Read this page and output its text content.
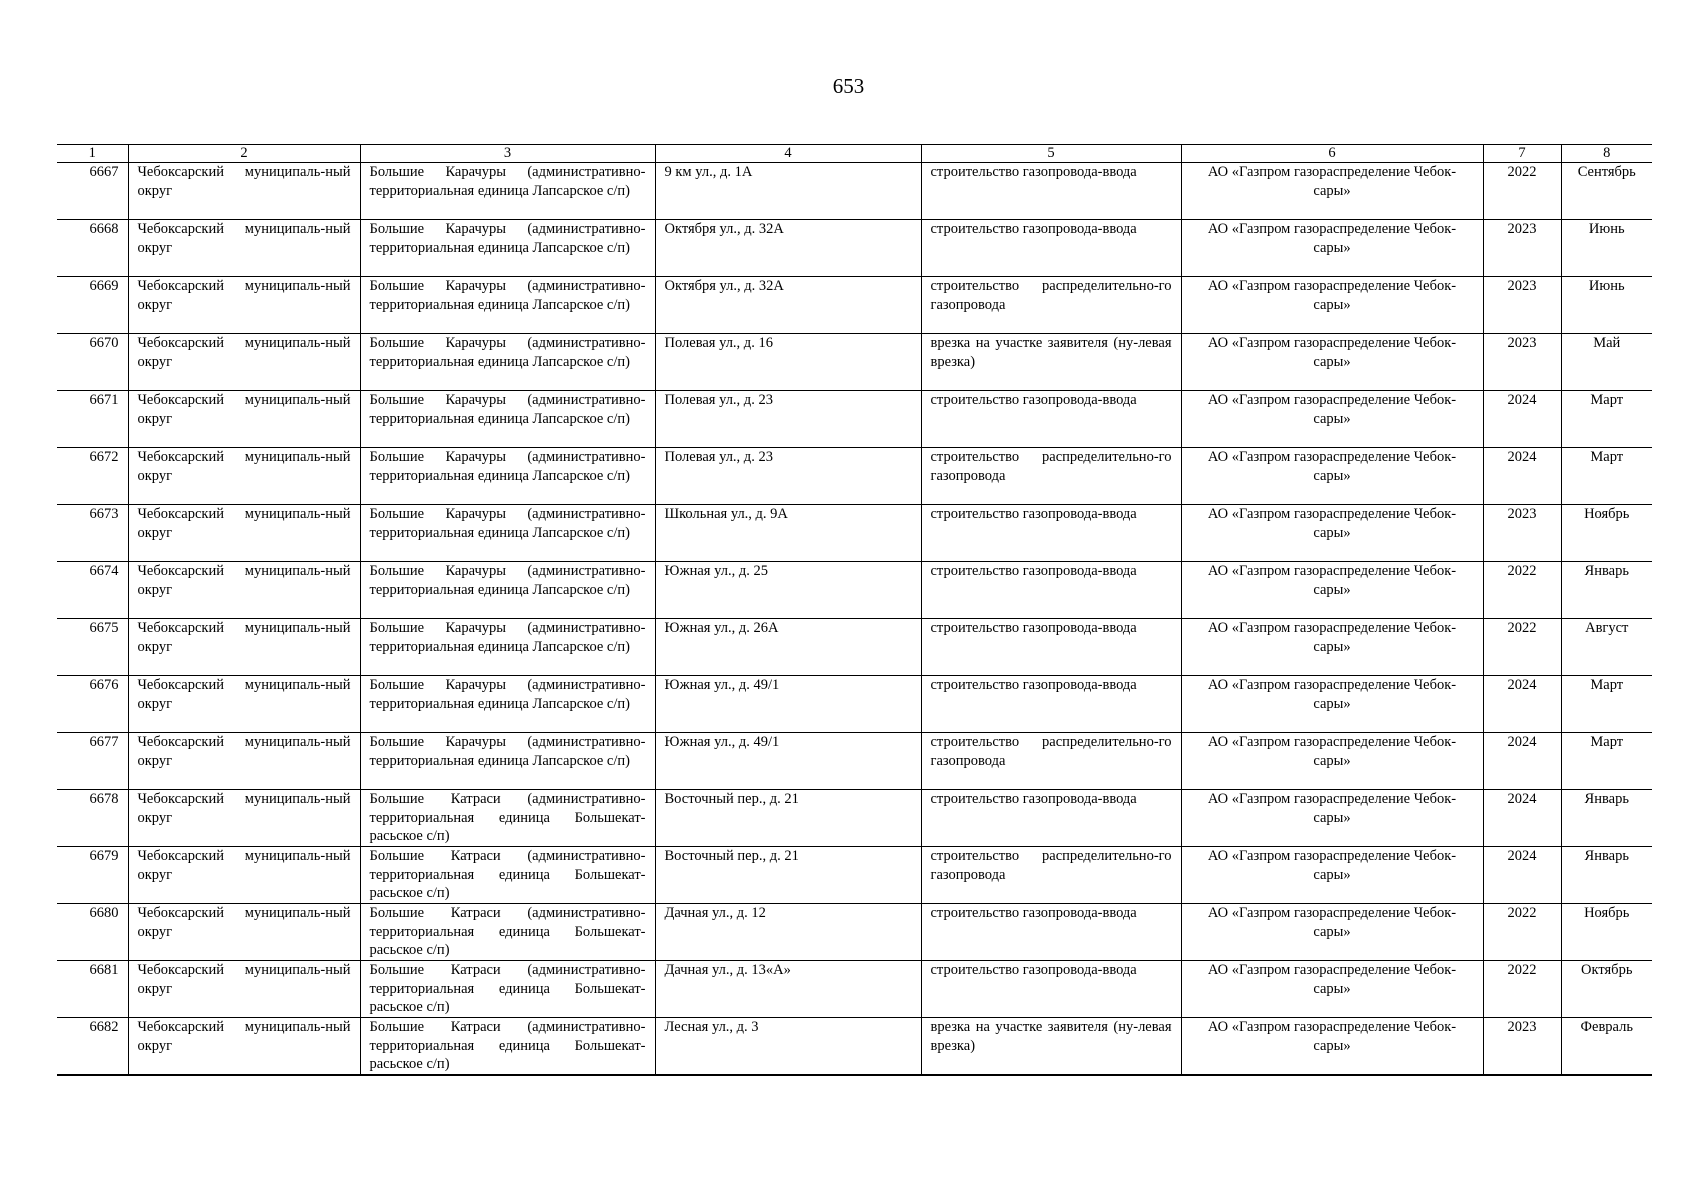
653
1	2	3	4	5	6	7	8
6667	Чебоксарский муниципаль-ный округ	Большие Карачуры (административно-территориальная единица Лапсарское с/п)	9 км ул., д. 1А	строительство газопровода-ввода	АО «Газпром газораспределение Чебок-сары»	2022	Сентябрь
6668	Чебоксарский муниципаль-ный округ	Большие Карачуры (административно-территориальная единица Лапсарское с/п)	Октября ул., д. 32А	строительство газопровода-ввода	АО «Газпром газораспределение Чебок-сары»	2023	Июнь
6669	Чебоксарский муниципаль-ный округ	Большие Карачуры (административно-территориальная единица Лапсарское с/п)	Октября ул., д. 32А	строительство распределительно-го газопровода	АО «Газпром газораспределение Чебок-сары»	2023	Июнь
6670	Чебоксарский муниципаль-ный округ	Большие Карачуры (административно-территориальная единица Лапсарское с/п)	Полевая ул., д. 16	врезка на участке заявителя (ну-левая врезка)	АО «Газпром газораспределение Чебок-сары»	2023	Май
6671	Чебоксарский муниципаль-ный округ	Большие Карачуры (административно-территориальная единица Лапсарское с/п)	Полевая ул., д. 23	строительство газопровода-ввода	АО «Газпром газораспределение Чебок-сары»	2024	Март
6672	Чебоксарский муниципаль-ный округ	Большие Карачуры (административно-территориальная единица Лапсарское с/п)	Полевая ул., д. 23	строительство распределительно-го газопровода	АО «Газпром газораспределение Чебок-сары»	2024	Март
6673	Чебоксарский муниципаль-ный округ	Большие Карачуры (административно-территориальная единица Лапсарское с/п)	Школьная ул., д. 9А	строительство газопровода-ввода	АО «Газпром газораспределение Чебок-сары»	2023	Ноябрь
6674	Чебоксарский муниципаль-ный округ	Большие Карачуры (административно-территориальная единица Лапсарское с/п)	Южная ул., д. 25	строительство газопровода-ввода	АО «Газпром газораспределение Чебок-сары»	2022	Январь
6675	Чебоксарский муниципаль-ный округ	Большие Карачуры (административно-территориальная единица Лапсарское с/п)	Южная ул., д. 26А	строительство газопровода-ввода	АО «Газпром газораспределение Чебок-сары»	2022	Август
6676	Чебоксарский муниципаль-ный округ	Большие Карачуры (административно-территориальная единица Лапсарское с/п)	Южная ул., д. 49/1	строительство газопровода-ввода	АО «Газпром газораспределение Чебок-сары»	2024	Март
6677	Чебоксарский муниципаль-ный округ	Большие Карачуры (административно-территориальная единица Лапсарское с/п)	Южная ул., д. 49/1	строительство распределительно-го газопровода	АО «Газпром газораспределение Чебок-сары»	2024	Март
6678	Чебоксарский муниципаль-ный округ	Большие Катраси (административно-территориальная единица Большекат-расьское с/п)	Восточный пер., д. 21	строительство газопровода-ввода	АО «Газпром газораспределение Чебок-сары»	2024	Январь
6679	Чебоксарский муниципаль-ный округ	Большие Катраси (административно-территориальная единица Большекат-расьское с/п)	Восточный пер., д. 21	строительство распределительно-го газопровода	АО «Газпром газораспределение Чебок-сары»	2024	Январь
6680	Чебоксарский муниципаль-ный округ	Большие Катраси (административно-территориальная единица Большекат-расьское с/п)	Дачная ул., д. 12	строительство газопровода-ввода	АО «Газпром газораспределение Чебок-сары»	2022	Ноябрь
6681	Чебоксарский муниципаль-ный округ	Большие Катраси (административно-территориальная единица Большекат-расьское с/п)	Дачная ул., д. 13«А»	строительство газопровода-ввода	АО «Газпром газораспределение Чебок-сары»	2022	Октябрь
6682	Чебоксарский муниципаль-ный округ	Большие Катраси (административно-территориальная единица Большекат-расьское с/п)	Лесная ул., д. 3	врезка на участке заявителя (ну-левая врезка)	АО «Газпром газораспределение Чебок-сары»	2023	Февраль
